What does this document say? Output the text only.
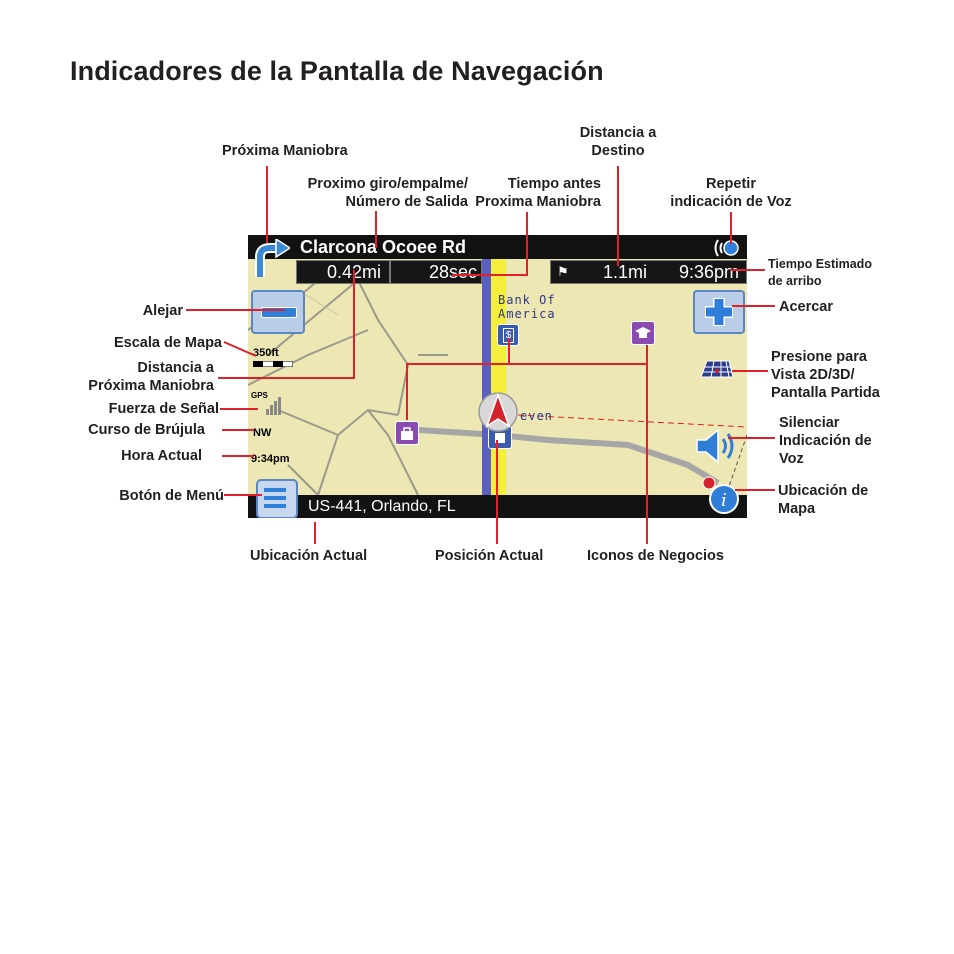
Indicadores de la Pantalla de Navegación
Próxima Maniobra
Proximo giro/empalme/
Número de Salida
Tiempo antes
Proxima Maniobra
Distancia a
Destino
Repetir
indicación de Voz
Tiempo Estimado
de arribo
Alejar	Acercar
Escala de Mapa
Distancia a
Próxima Maniobra
Presione para
Vista 2D/3D/
Pantalla Partida
Fuerza de Señal
Curso de Brújula	Silenciar
Indicación de
Voz
Hora Actual
Botón de Menú	Ubicación de
Mapa
Ubicación Actual	Posición Actual	Iconos de Negocios
Clarcona Ocoee Rd
0.42mi	28sec	⚑ 1.1mi 9:36pm
Bank Of
America
$
even
350ft
GPS
NW
9:34pm
US-441, Orlando, FL	i
